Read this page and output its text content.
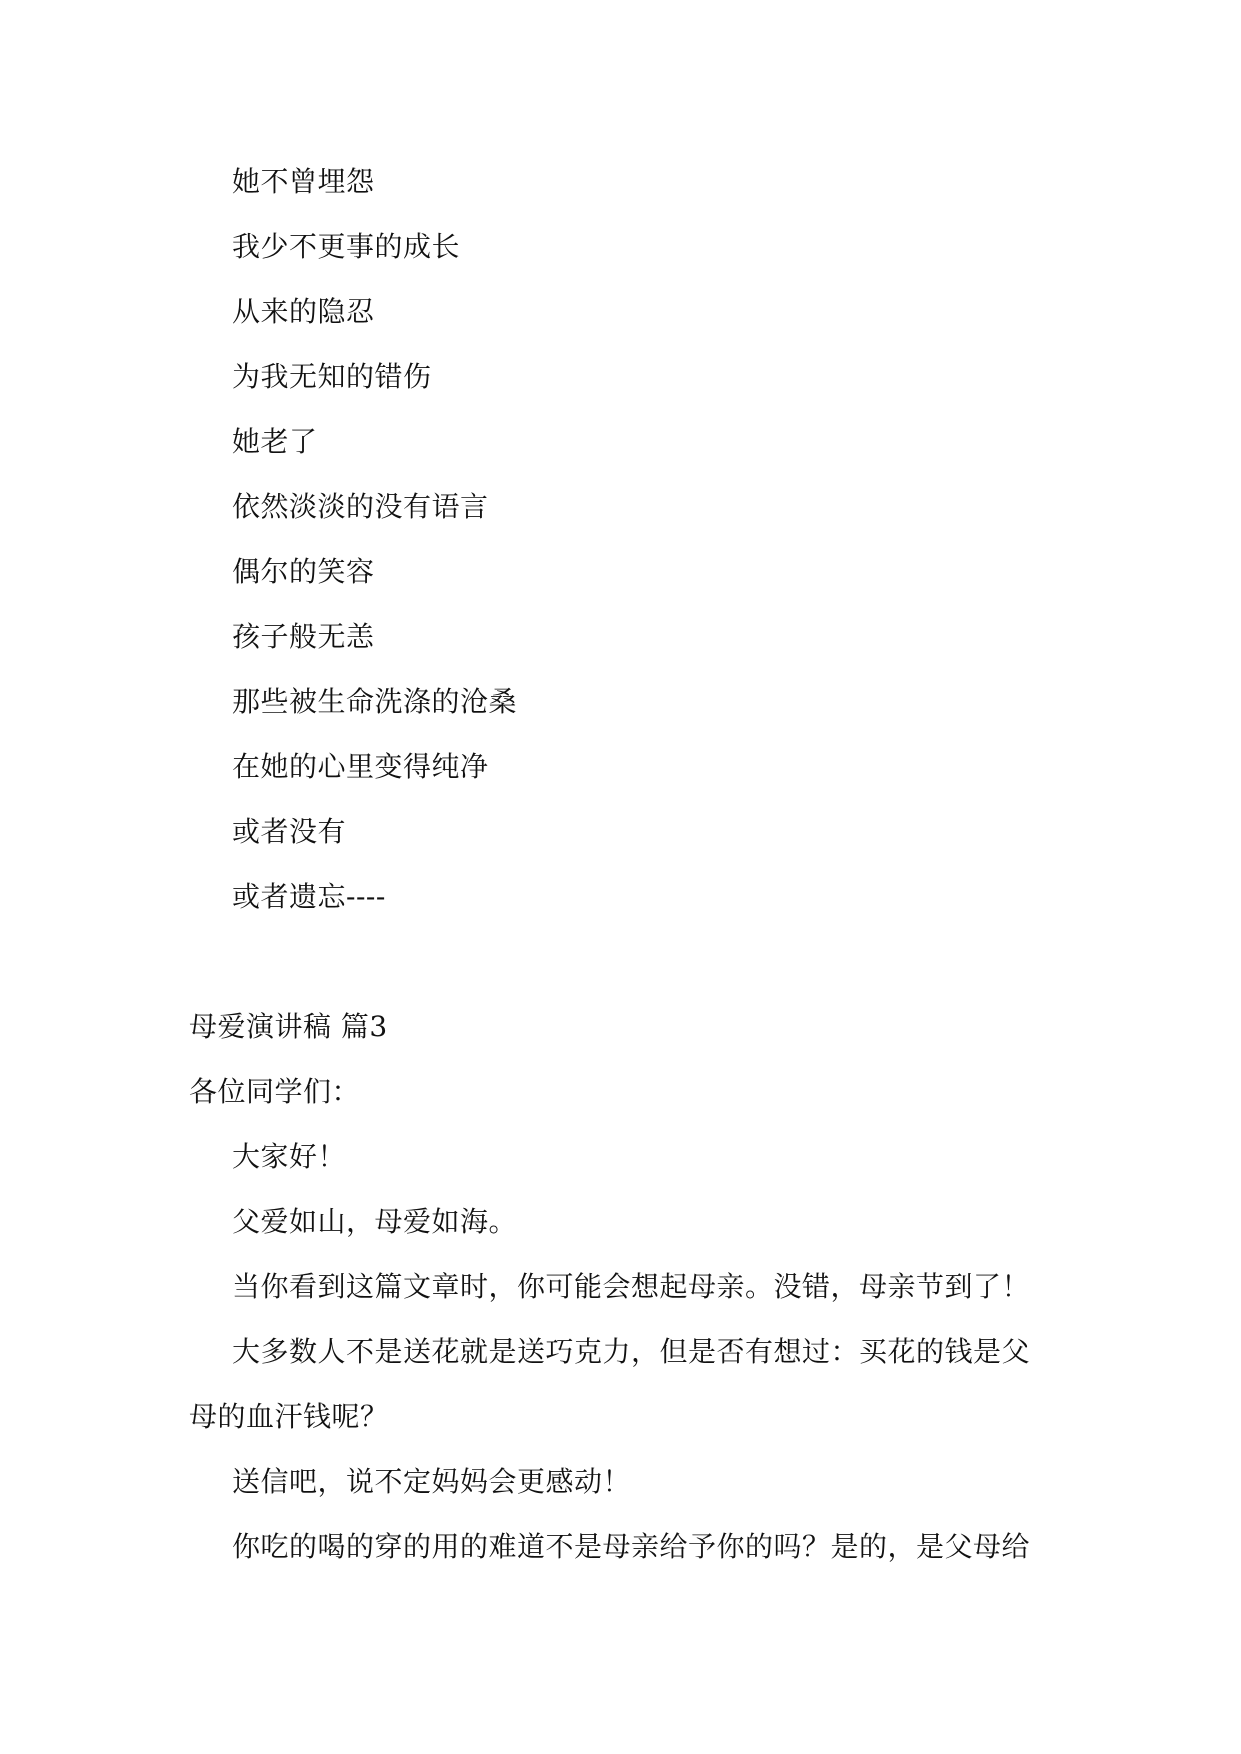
她不曾埋怨
我少不更事的成长
从来的隐忍
为我无知的错伤
她老了
依然淡淡的没有语言
偶尔的笑容
孩子般无恙
那些被生命洗涤的沧桑
在她的心里变得纯净
或者没有
或者遗忘----
母爱演讲稿 篇3
各位同学们：
大家好！
父爱如山，母爱如海。
当你看到这篇文章时，你可能会想起母亲。没错，母亲节到了！
大多数人不是送花就是送巧克力，但是否有想过：买花的钱是父
母的血汗钱呢？
送信吧，说不定妈妈会更感动！
你吃的喝的穿的用的难道不是母亲给予你的吗？是的，是父母给
